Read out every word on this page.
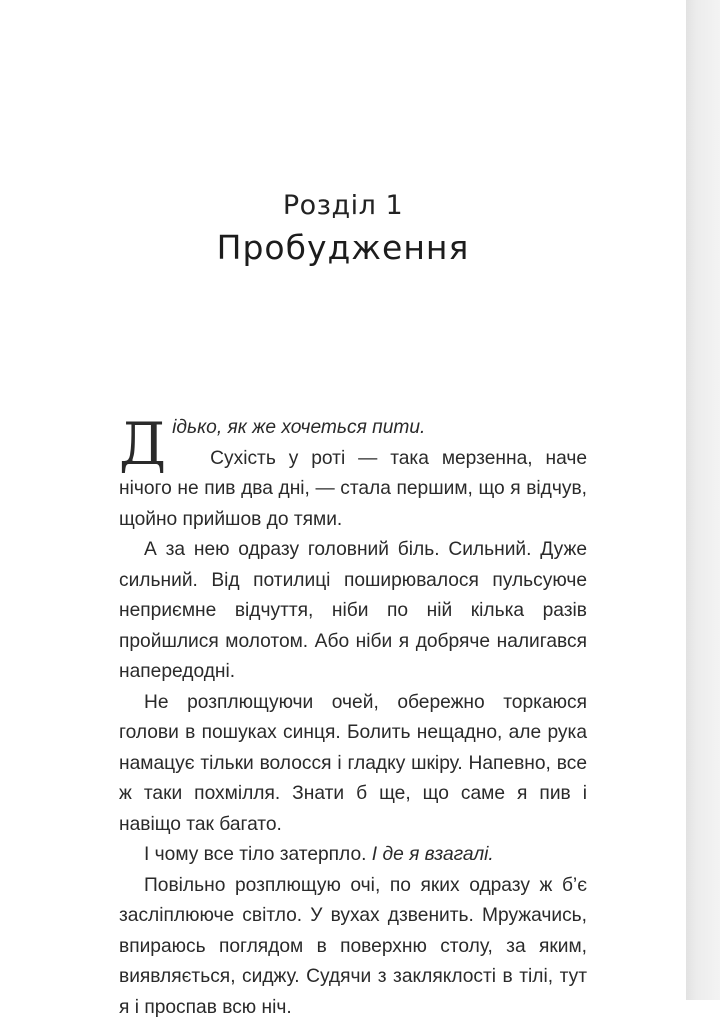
Розділ 1
Пробудження

Дідько, як же хочеться пити.
Сухість у роті — така мерзенна, наче нічого не пив два дні, — стала першим, що я відчув, щойно прийшов до тями.

А за нею одразу головний біль. Сильний. Дуже сильний. Від потилиці поширювалося пульсуюче неприємне відчуття, ніби по ній кілька разів пройшлися молотом. Або ніби я добряче налигався напередодні.

Не розплющуючи очей, обережно торкаюся голови в пошуках синця. Болить нещадно, але рука намацує тільки волосся і гладку шкіру. Напевно, все ж таки похмілля. Знати б ще, що саме я пив і навіщо так багато.

І чому все тіло затерпло. І де я взагалі.

Повільно розплющую очі, по яких одразу ж б’є засліплююче світло. У вухах дзвенить. Мружачись, впираюсь поглядом в поверхню столу, за яким, виявляється, сиджу. Судячи з закляклості в тілі, тут я і проспав всю ніч.
